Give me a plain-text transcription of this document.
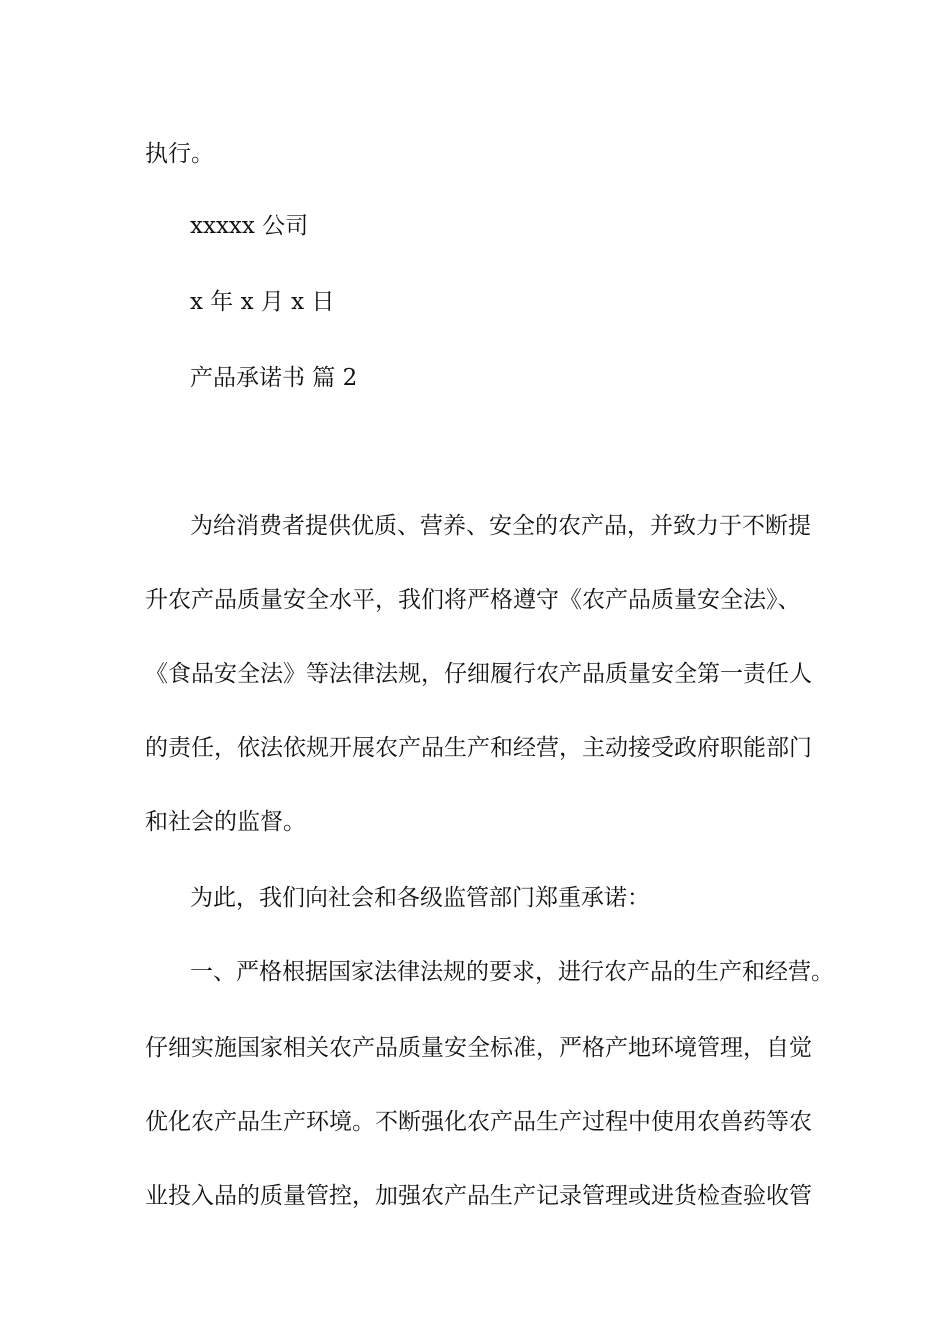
执行。
xxxxx 公司
x 年 x 月 x 日
产品承诺书 篇 2
为给消费者提供优质、营养、安全的农产品，并致力于不断提
升农产品质量安全水平，我们将严格遵守《农产品质量安全法》、
《食品安全法》等法律法规，仔细履行农产品质量安全第一责任人
的责任，依法依规开展农产品生产和经营，主动接受政府职能部门
和社会的监督。
为此，我们向社会和各级监管部门郑重承诺：
一、严格根据国家法律法规的要求，进行农产品的生产和经营。
仔细实施国家相关农产品质量安全标准，严格产地环境管理，自觉
优化农产品生产环境。不断强化农产品生产过程中使用农兽药等农
业投入品的质量管控，加强农产品生产记录管理或进货检查验收管
